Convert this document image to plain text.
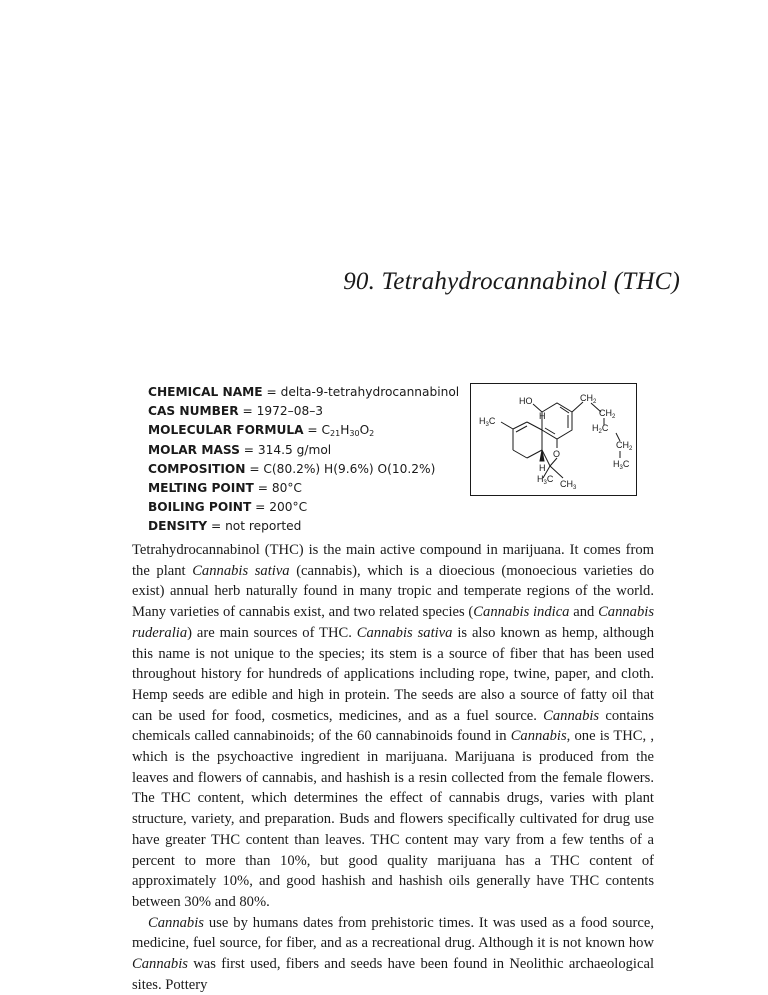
90. Tetrahydrocannabinol (THC)
CHEMICAL NAME = delta-9-tetrahydrocannabinol
CAS NUMBER = 1972–08–3
MOLECULAR FORMULA = $C_{21}H_{30}O_2$
MOLAR MASS = 314.5 g/mol
COMPOSITION = C(80.2%) H(9.6%) O(10.2%)
MELTING POINT = 80°C
BOILING POINT = 200°C
DENSITY = not reported
HO	$CH_2$
$CH_2$
$H_2C$
$CH_2$
$H_3C$
$H_3C$	H
O
H
$H_3C$ $CH_3$

Tetrahydrocannabinol (THC) is the main active compound in marijuana. It comes from the plant Cannabis sativa (cannabis), which is a dioecious (monoecious varieties do exist) annual herb naturally found in many tropic and temperate regions of the world. Many varieties of cannabis exist, and two related species (Cannabis indica and Cannabis ruderalia) are main sources of THC. Cannabis sativa is also known as hemp, although this name is not unique to the species; its stem is a source of fiber that has been used throughout history for hundreds of applications including rope, twine, paper, and cloth. Hemp seeds are edible and high in protein. The seeds are also a source of fatty oil that can be used for food, cosmetics, medicines, and as a fuel source. Cannabis contains chemicals called cannabinoids; of the 60 cannabinoids found in Cannabis, one is THC, , which is the psychoactive ingredient in marijuana. Marijuana is produced from the leaves and flowers of cannabis, and hashish is a resin collected from the female flowers. The THC content, which determines the effect of cannabis drugs, varies with plant structure, variety, and preparation. Buds and flowers specifically cultivated for drug use have greater THC content than leaves. THC content may vary from a few tenths of a percent to more than 10%, but good quality marijuana has a THC content of approximately 10%, and good hashish and hashish oils generally have THC contents between 30% and 80%.

Cannabis use by humans dates from prehistoric times. It was used as a food source, medicine, fuel source, for fiber, and as a recreational drug. Although it is not known how Cannabis was first used, fibers and seeds have been found in Neolithic archaeological sites. Pottery
